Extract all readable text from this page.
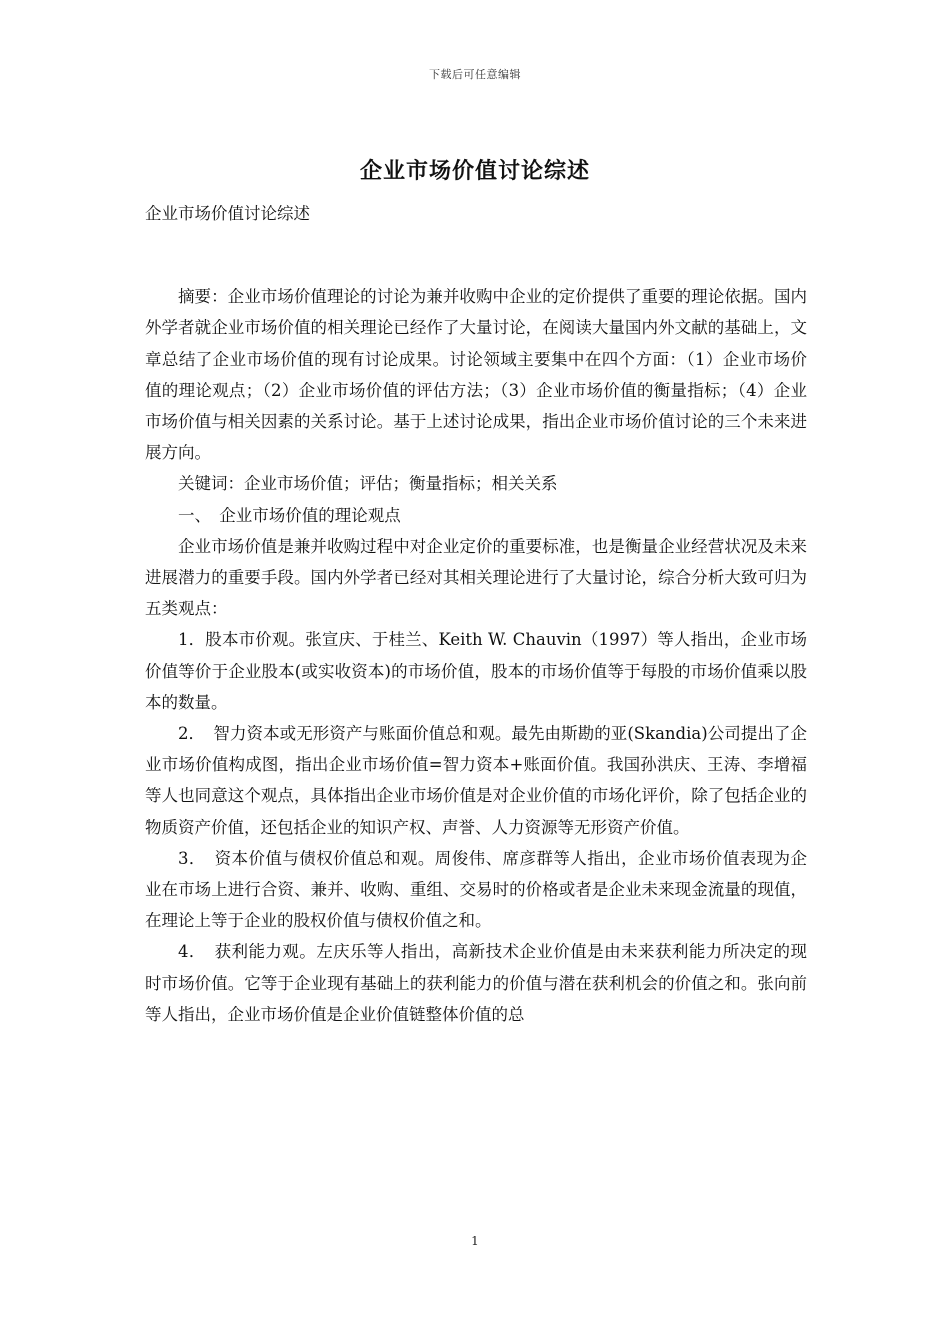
下载后可任意编辑
企业市场价值讨论综述

企业市场价值讨论综述

摘要：企业市场价值理论的讨论为兼并收购中企业的定价提供了重要的理论依据。国内外学者就企业市场价值的相关理论已经作了大量讨论，在阅读大量国内外文献的基础上，文章总结了企业市场价值的现有讨论成果。讨论领域主要集中在四个方面：（1）企业市场价值的理论观点；（2）企业市场价值的评估方法；（3）企业市场价值的衡量指标；（4）企业市场价值与相关因素的关系讨论。基于上述讨论成果，指出企业市场价值讨论的三个未来进展方向。

关键词：企业市场价值；评估；衡量指标；相关关系

一、　企业市场价值的理论观点

企业市场价值是兼并收购过程中对企业定价的重要标准，也是衡量企业经营状况及未来进展潜力的重要手段。国内外学者已经对其相关理论进行了大量讨论，综合分析大致可归为五类观点：

1．股本市价观。张宣庆、于桂兰、Keith W. Chauvin（1997）等人指出，企业市场价值等价于企业股本(或实收资本)的市场价值，股本的市场价值等于每股的市场价值乘以股本的数量。

2．　智力资本或无形资产与账面价值总和观。最先由斯勘的亚(Skandia)公司提出了企业市场价值构成图，指出企业市场价值=智力资本+账面价值。我国孙洪庆、王涛、李增福等人也同意这个观点，具体指出企业市场价值是对企业价值的市场化评价，除了包括企业的物质资产价值，还包括企业的知识产权、声誉、人力资源等无形资产价值。

3．　资本价值与债权价值总和观。周俊伟、席彦群等人指出，企业市场价值表现为企业在市场上进行合资、兼并、收购、重组、交易时的价格或者是企业未来现金流量的现值，在理论上等于企业的股权价值与债权价值之和。

4．　获利能力观。左庆乐等人指出，高新技术企业价值是由未来获利能力所决定的现时市场价值。它等于企业现有基础上的获利能力的价值与潜在获利机会的价值之和。张向前等人指出，企业市场价值是企业价值链整体价值的总

1
